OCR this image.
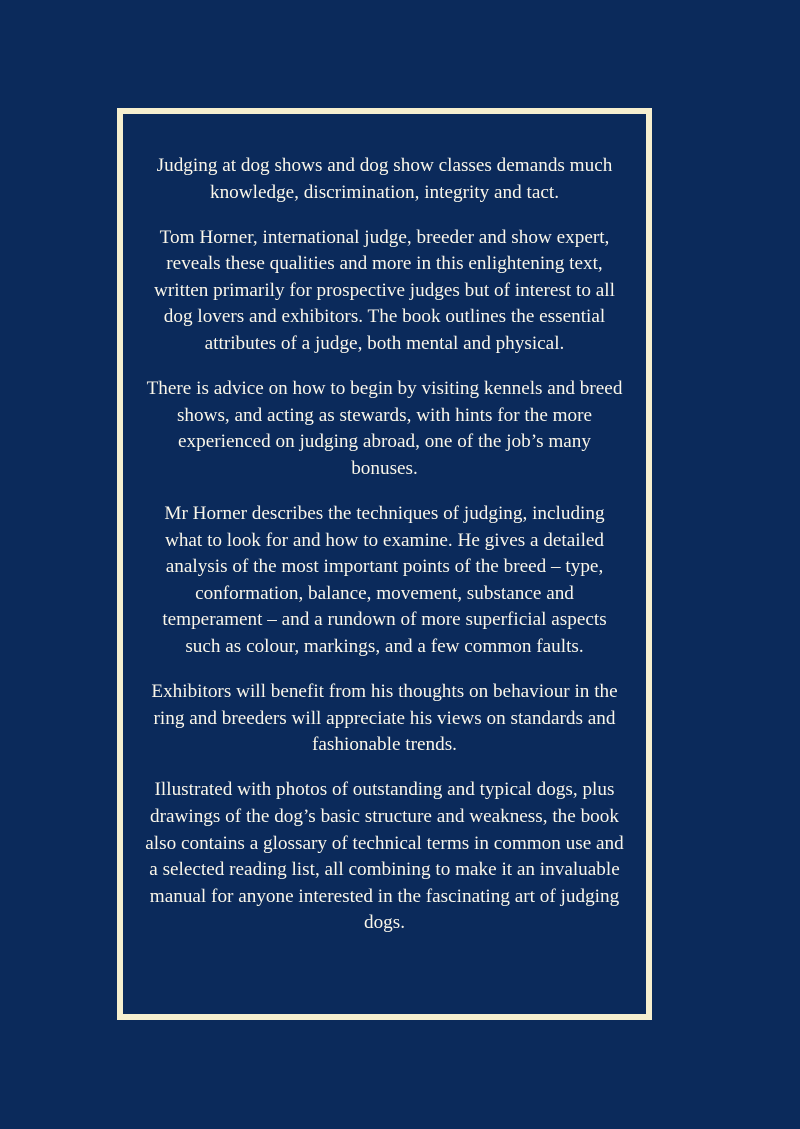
Judging at dog shows and dog show classes demands much knowledge, discrimination, integrity and tact.

Tom Horner, international judge, breeder and show expert, reveals these qualities and more in this enlightening text, written primarily for prospective judges but of interest to all dog lovers and exhibitors. The book outlines the essential attributes of a judge, both mental and physical.

There is advice on how to begin by visiting kennels and breed shows, and acting as stewards, with hints for the more experienced on judging abroad, one of the job’s many bonuses.

Mr Horner describes the techniques of judging, including what to look for and how to examine. He gives a detailed analysis of the most important points of the breed – type, conformation, balance, movement, substance and temperament – and a rundown of more superficial aspects such as colour, markings, and a few common faults.

Exhibitors will benefit from his thoughts on behaviour in the ring and breeders will appreciate his views on standards and fashionable trends.

Illustrated with photos of outstanding and typical dogs, plus drawings of the dog’s basic structure and weakness, the book also contains a glossary of technical terms in common use and a selected reading list, all combining to make it an invaluable manual for anyone interested in the fascinating art of judging dogs.
